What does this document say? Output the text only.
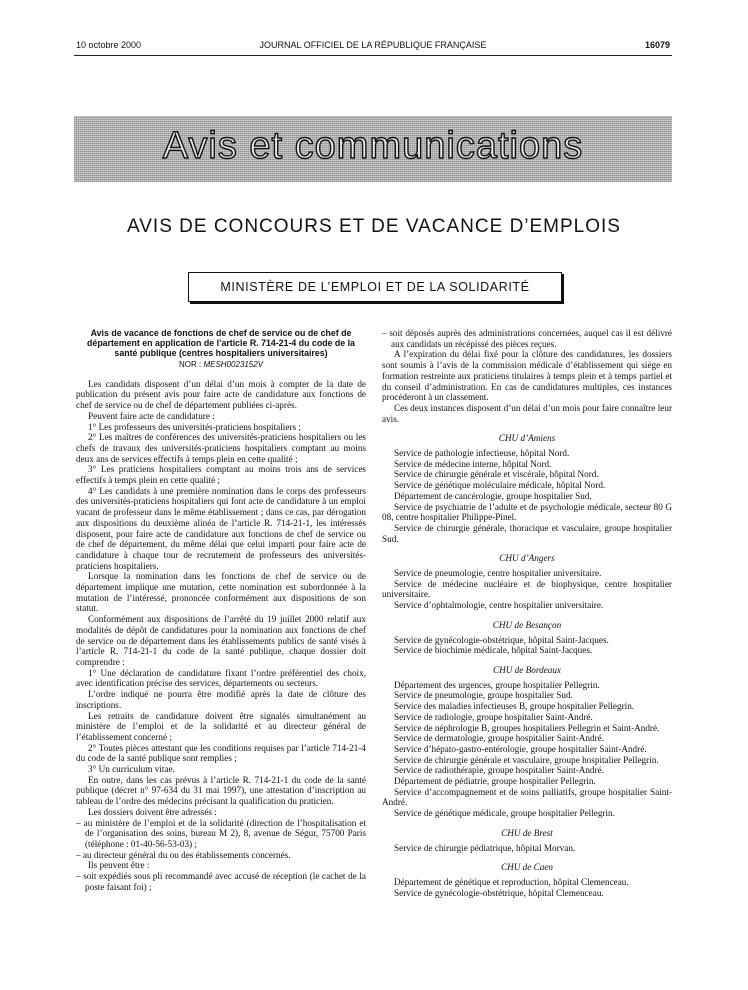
10 octobre 2000	JOURNAL OFFICIEL DE LA RÉPUBLIQUE FRANÇAISE	16079
Avis et communications
AVIS DE CONCOURS ET DE VACANCE D’EMPLOIS
MINISTÈRE DE L’EMPLOI ET DE LA SOLIDARITÉ
Avis de vacance de fonctions de chef de service ou de chef de département en application de l’article R. 714-21-4 du code de la santé publique (centres hospitaliers universitaires)
NOR : MESH0023152V

Les candidats disposent d’un délai d’un mois à compter de la date de publication du présent avis pour faire acte de candidature aux fonctions de chef de service ou de chef de département publiées ci-après.

Peuvent faire acte de candidature :

1° Les professeurs des universités-praticiens hospitaliers ;

2° Les maîtres de conférences des universités-praticiens hospitaliers ou les chefs de travaux des universités-praticiens hospitaliers comptant au moins deux ans de services effectifs à temps plein en cette qualité ;

3° Les praticiens hospitaliers comptant au moins trois ans de services effectifs à temps plein en cette qualité ;

4° Les candidats à une première nomination dans le corps des professeurs des universités-praticiens hospitaliers qui font acte de candidature à un emploi vacant de professeur dans le même établissement ; dans ce cas, par dérogation aux dispositions du deuxième alinéa de l’article R. 714-21-1, les intéressés disposent, pour faire acte de candidature aux fonctions de chef de service ou de chef de département, du même délai que celui imparti pour faire acte de candidature à chaque tour de recrutement de professeurs des universités-praticiens hospitaliers.

Lorsque la nomination dans les fonctions de chef de service ou de département implique une mutation, cette nomination est subordonnée à la mutation de l’intéressé, prononcée conformément aux dispositions de son statut.

Conformément aux dispositions de l’arrêté du 19 juillet 2000 relatif aux modalités de dépôt de candidatures pour la nomination aux fonctions de chef de service ou de département dans les établissements publics de santé visés à l’article R. 714-21-1 du code de la santé publique, chaque dossier doit comprendre :

1° Une déclaration de candidature fixant l’ordre préférentiel des choix, avec identification précise des services, départements ou secteurs.

L’ordre indiqué ne pourra être modifié après la date de clôture des inscriptions.

Les retraits de candidature doivent être signalés simultanément au ministère de l’emploi et de la solidarité et au directeur général de l’établissement concerné ;

2° Toutes pièces attestant que les conditions requises par l’article 714-21-4 du code de la santé publique sont remplies ;

3° Un curriculum vitae.

En outre, dans les cas prévus à l’article R. 714-21-1 du code de la santé publique (décret n° 97-634 du 31 mai 1997), une attestation d’inscription au tableau de l’ordre des médecins précisant la qualification du praticien.

Les dossiers doivent être adressés :

– au ministère de l’emploi et de la solidarité (direction de l’hospitalisation et de l’organisation des soins, bureau M 2), 8, avenue de Ségur, 75700 Paris (téléphone : 01-40-56-53-03) ;

– au directeur général du ou des établissements concernés.

Ils peuvent être :

– soit expédiés sous pli recommandé avec accusé de réception (le cachet de la poste faisant foi) ;

– soit déposés auprès des administrations concernées, auquel cas il est délivré aux candidats un récépissé des pièces reçues.

A l’expiration du délai fixé pour la clôture des candidatures, les dossiers sont soumis à l’avis de la commission médicale d’établissement qui siège en formation restreinte aux praticiens titulaires à temps plein et à temps partiel et du conseil d’administration. En cas de candidatures multiples, ces instances procéderont à un classement.

Ces deux instances disposent d’un délai d’un mois pour faire connaître leur avis.

CHU d’Amiens

Service de pathologie infectieuse, hôpital Nord.

Service de médecine interne, hôpital Nord.

Service de chirurgie générale et viscérale, hôpital Nord.

Service de génétique moléculaire médicale, hôpital Nord.

Département de cancérologie, groupe hospitalier Sud.

Service de psychiatrie de l’adulte et de psychologie médicale, secteur 80 G 08, centre hospitalier Philippe-Pinel.

Service de chirurgie générale, thoracique et vasculaire, groupe hospitalier Sud.

CHU d’Angers

Service de pneumologie, centre hospitalier universitaire.

Service de médecine nucléaire et de biophysique, centre hospitalier universitaire.

Service d’ophtalmologie, centre hospitalier universitaire.

CHU de Besançon

Service de gynécologie-obstétrique, hôpital Saint-Jacques.

Service de biochimie médicale, hôpital Saint-Jacques.

CHU de Bordeaux

Département des urgences, groupe hospitalier Pellegrin.

Service de pneumologie, groupe hospitalier Sud.

Service des maladies infectieuses B, groupe hospitalier Pellegrin.

Service de radiologie, groupe hospitalier Saint-André.

Service de néphrologie B, groupes hospitaliers Pellegrin et Saint-André.

Service de dermatologie, groupe hospitalier Saint-André.

Service d’hépato-gastro-entérologie, groupe hospitalier Saint-André.

Service de chirurgie générale et vasculaire, groupe hospitalier Pellegrin.

Service de radiothérapie, groupe hospitalier Saint-André.

Département de pédiatrie, groupe hospitalier Pellegrin.

Service d’accompagnement et de soins palliatifs, groupe hospitalier Saint-André.

Service de génétique médicale, groupe hospitalier Pellegrin.

CHU de Brest

Service de chirurgie pédiatrique, hôpital Morvan.

CHU de Caen

Département de génétique et reproduction, hôpital Clemenceau.

Service de gynécologie-obstétrique, hôpital Clemenceau.
